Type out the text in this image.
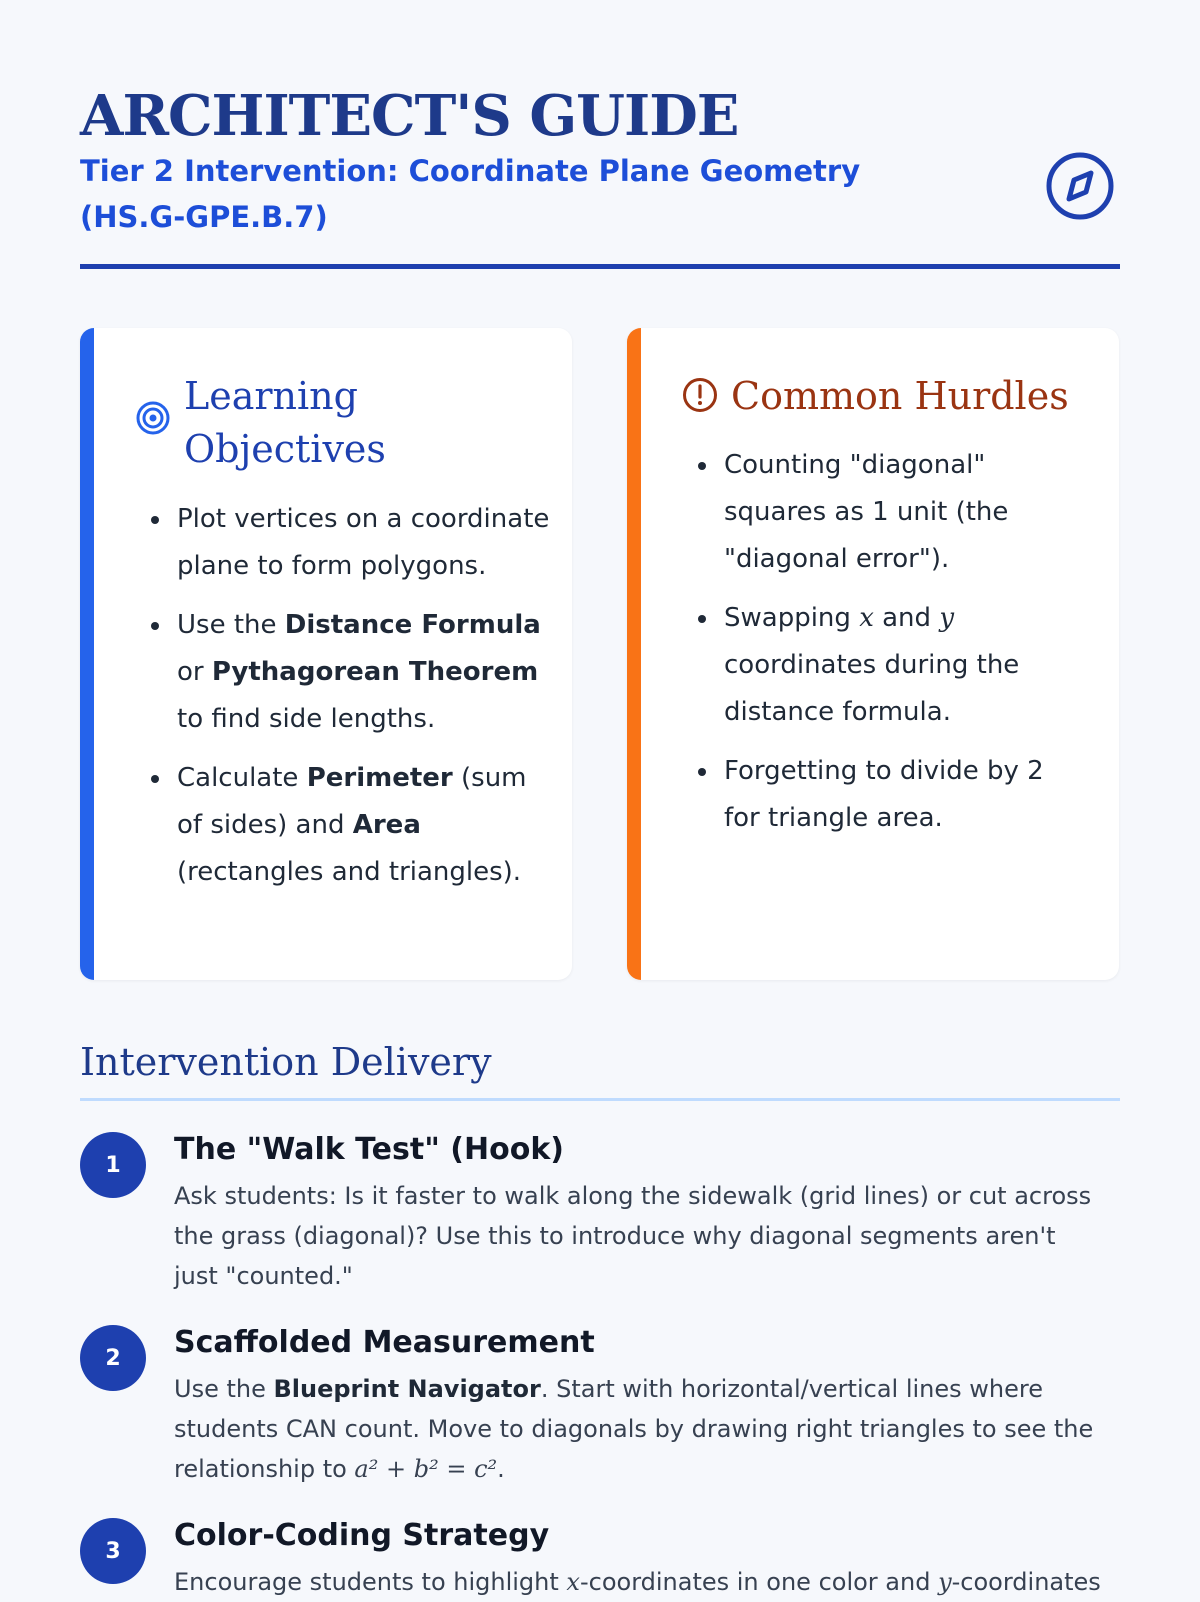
ARCHITECT'S GUIDE
Tier 2 Intervention: Coordinate Plane Geometry (HS.G-GPE.B.7)
Learning Objectives
• Plot vertices on a coordinate plane to form polygons.
• Use the Distance Formula or Pythagorean Theorem to find side lengths.
• Calculate Perimeter (sum of sides) and Area (rectangles and triangles).
Common Hurdles
• Counting "diagonal" squares as 1 unit (the "diagonal error").
• Swapping x and y coordinates during the distance formula.
• Forgetting to divide by 2 for triangle area.
Intervention Delivery
1	The "Walk Test" (Hook)
Ask students: Is it faster to walk along the sidewalk (grid lines) or cut across the grass (diagonal)? Use this to introduce why diagonal segments aren't just "counted."
2	Scaffolded Measurement
Use the Blueprint Navigator. Start with horizontal/vertical lines where students CAN count. Move to diagonals by drawing right triangles to see the relationship to a² + b² = c².
3	Color-Coding Strategy
Encourage students to highlight x-coordinates in one color and y-coordinates
